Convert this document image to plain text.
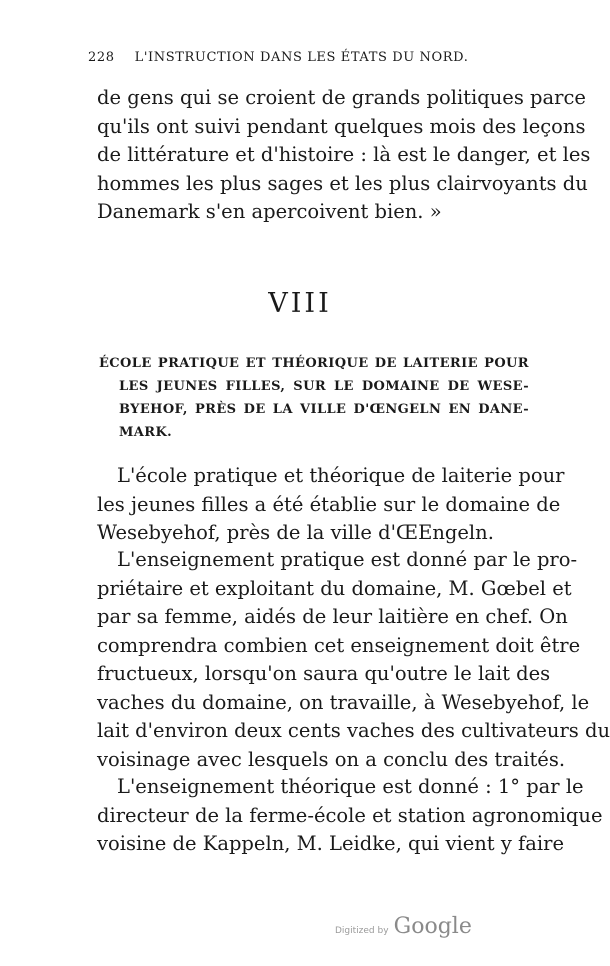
228 L'INSTRUCTION DANS LES ÉTATS DU NORD.
de gens qui se croient de grands politiques parce
qu'ils ont suivi pendant quelques mois des leçons
de littérature et d'histoire : là est le danger, et les
hommes les plus sages et les plus clairvoyants du
Danemark s'en apercoivent bien. »
VIII
ÉCOLE PRATIQUE ET THÉORIQUE DE LAITERIE POUR
LES JEUNES FILLES, SUR LE DOMAINE DE WESE-
BYEHOF, PRÈS DE LA VILLE D'ŒNGELN EN DANE-
MARK.
L'école pratique et théorique de laiterie pour
les jeunes filles a été établie sur le domaine de
Wesebyehof, près de la ville d'ŒEngeln.
L'enseignement pratique est donné par le pro-
priétaire et exploitant du domaine, M. Gœbel et
par sa femme, aidés de leur laitière en chef. On
comprendra combien cet enseignement doit être
fructueux, lorsqu'on saura qu'outre le lait des
vaches du domaine, on travaille, à Wesebyehof, le
lait d'environ deux cents vaches des cultivateurs du
voisinage avec lesquels on a conclu des traités.
L'enseignement théorique est donné : 1° par le
directeur de la ferme-école et station agronomique
voisine de Kappeln, M. Leidke, qui vient y faire
Digitized by Google
